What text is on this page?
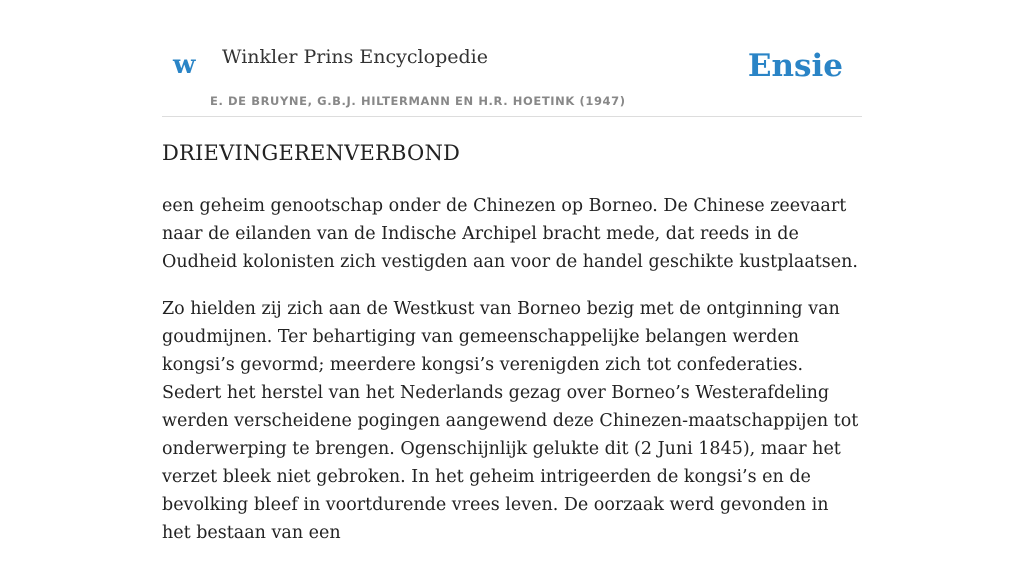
w Winkler Prins Encyclopedie
E. DE BRUYNE, G.B.J. HILTERMANN EN H.R. HOETINK (1947)
Ensie
DRIEVINGERENVERBOND

een geheim genootschap onder de Chinezen op Borneo. De Chinese zeevaart naar de eilanden van de Indische Archipel bracht mede, dat reeds in de Oudheid kolonisten zich vestigden aan voor de handel geschikte kustplaatsen.

Zo hielden zij zich aan de Westkust van Borneo bezig met de ontginning van goudmijnen. Ter behartiging van gemeenschappelijke belangen werden kongsi’s gevormd; meerdere kongsi’s verenigden zich tot confederaties. Sedert het herstel van het Nederlands gezag over Borneo’s Westerafdeling werden verscheidene pogingen aangewend deze Chinezen-maatschappijen tot onderwerping te brengen. Ogenschijnlijk gelukte dit (2 Juni 1845), maar het verzet bleek niet gebroken. In het geheim intrigeerden de kongsi’s en de bevolking bleef in voortdurende vrees leven. De oorzaak werd gevonden in het bestaan van een
